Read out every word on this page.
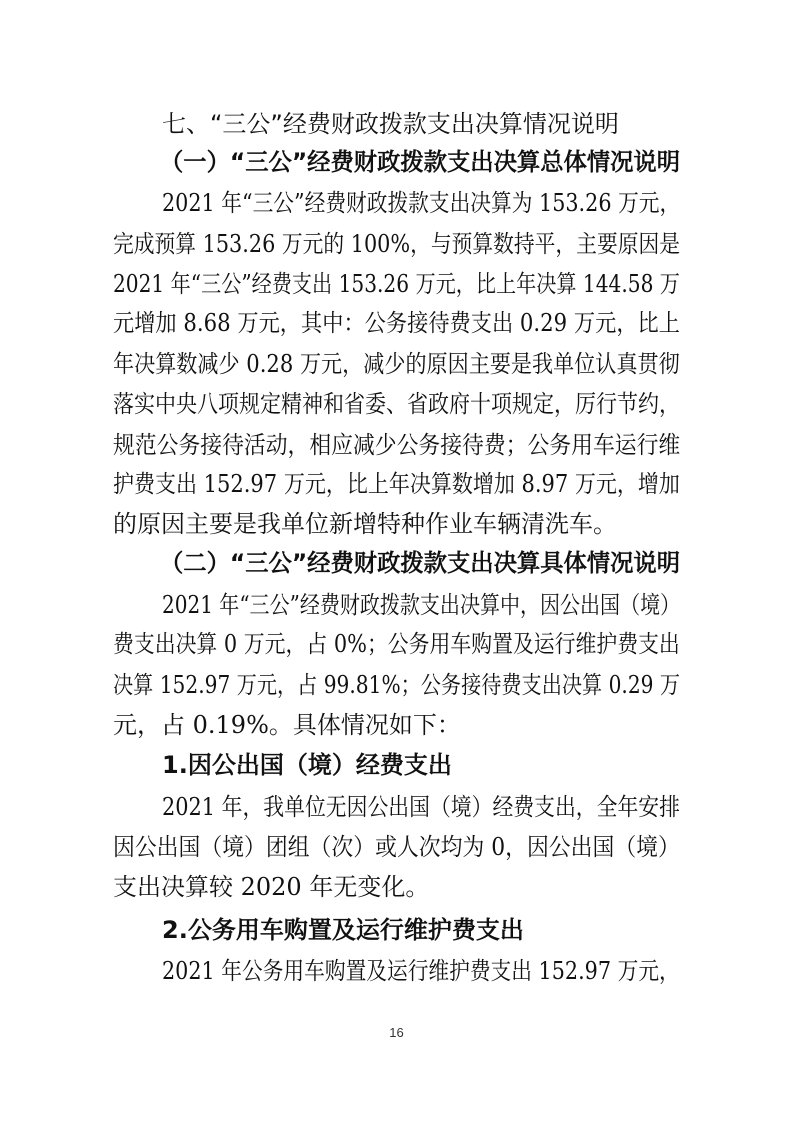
七、“三公”经费财政拨款支出决算情况说明
（一）“三公”经费财政拨款支出决算总体情况说明
2021 年“三公”经费财政拨款支出决算为 153.26 万元，
完成预算 153.26 万元的 100%，与预算数持平，主要原因是
2021 年“三公”经费支出 153.26 万元，比上年决算 144.58 万
元增加 8.68 万元，其中：公务接待费支出 0.29 万元，比上
年决算数减少 0.28 万元，减少的原因主要是我单位认真贯彻
落实中央八项规定精神和省委、省政府十项规定，厉行节约，
规范公务接待活动，相应减少公务接待费；公务用车运行维
护费支出 152.97 万元，比上年决算数增加 8.97 万元，增加
的原因主要是我单位新增特种作业车辆清洗车。
（二）“三公”经费财政拨款支出决算具体情况说明
2021 年“三公”经费财政拨款支出决算中，因公出国（境）
费支出决算 0 万元，占 0%；公务用车购置及运行维护费支出
决算 152.97 万元，占 99.81%；公务接待费支出决算 0.29 万
元，占 0.19%。具体情况如下：
1.因公出国（境）经费支出
2021 年，我单位无因公出国（境）经费支出，全年安排
因公出国（境）团组（次）或人次均为 0，因公出国（境）
支出决算较 2020 年无变化。
2.公务用车购置及运行维护费支出
2021 年公务用车购置及运行维护费支出 152.97 万元，
16
